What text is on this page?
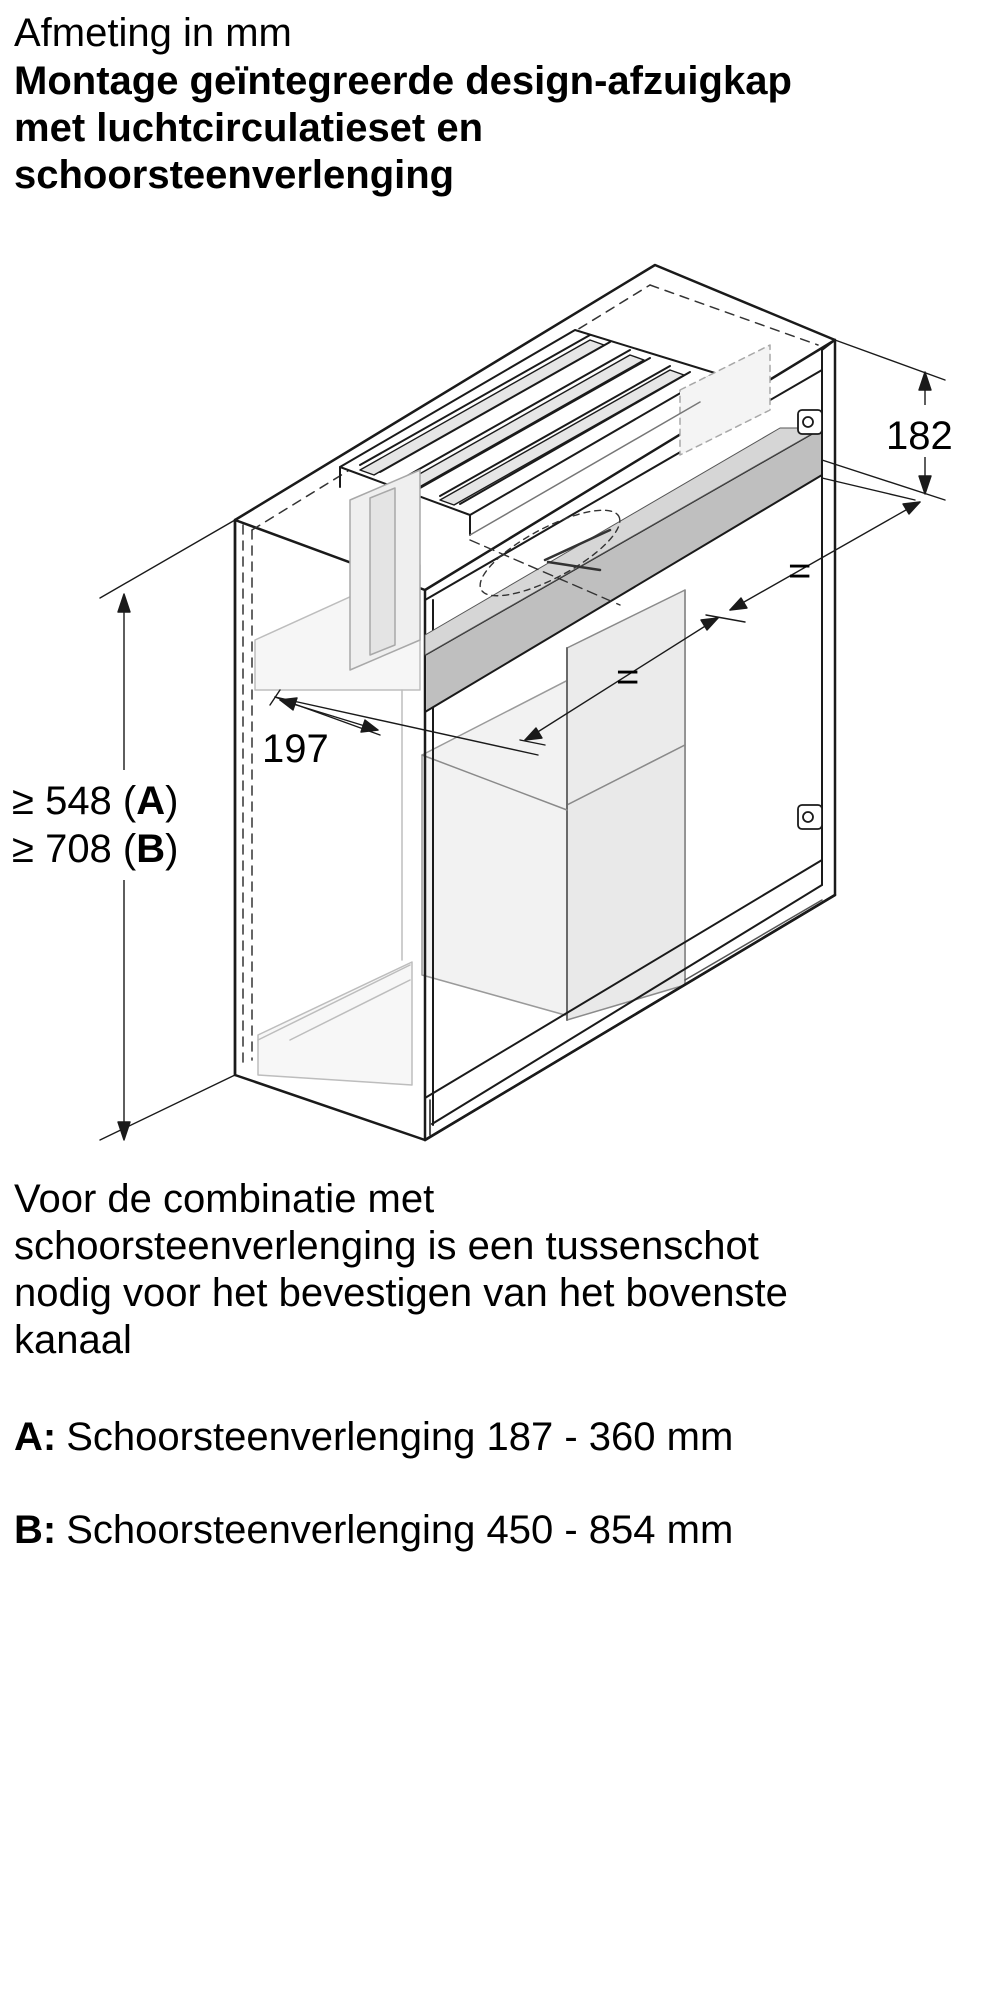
Afmeting in mm
Montage geïntegreerde design-afzuigkap
met luchtcirculatieset en
schoorsteenverlenging
182
=
=
197
≥ 548 (A)
≥ 708 (B)
Voor de combinatie met
schoorsteenverlenging is een tussenschot
nodig voor het bevestigen van het bovenste
kanaal
A: Schoorsteenverlenging 187 - 360 mm
B: Schoorsteenverlenging 450 - 854 mm
